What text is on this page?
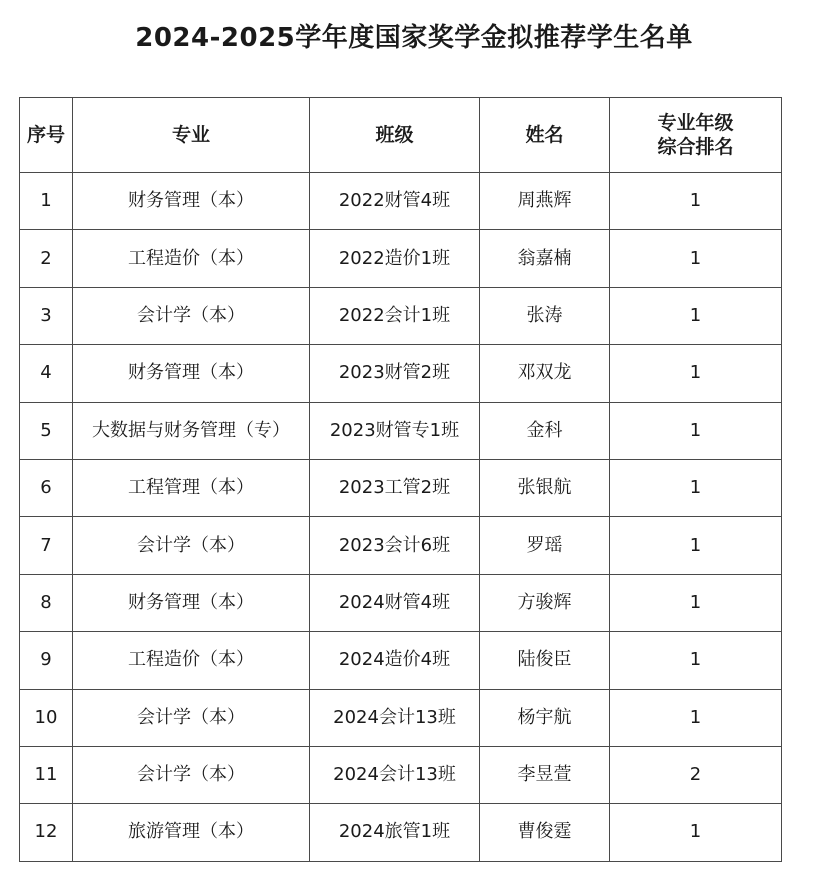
2024-2025学年度国家奖学金拟推荐学生名单
序号	专业	班级	姓名	专业年级
综合排名

1	财务管理（本）	2022财管4班	周燕辉	1
2	工程造价（本）	2022造价1班	翁嘉楠	1
3	会计学（本）	2022会计1班	张涛	1
4	财务管理（本）	2023财管2班	邓双龙	1
5	大数据与财务管理（专）	2023财管专1班	金科	1
6	工程管理（本）	2023工管2班	张银航	1
7	会计学（本）	2023会计6班	罗瑶	1
8	财务管理（本）	2024财管4班	方骏辉	1
9	工程造价（本）	2024造价4班	陆俊臣	1
10	会计学（本）	2024会计13班	杨宇航	1
11	会计学（本）	2024会计13班	李昱萱	2
12	旅游管理（本）	2024旅管1班	曹俊霆	1
